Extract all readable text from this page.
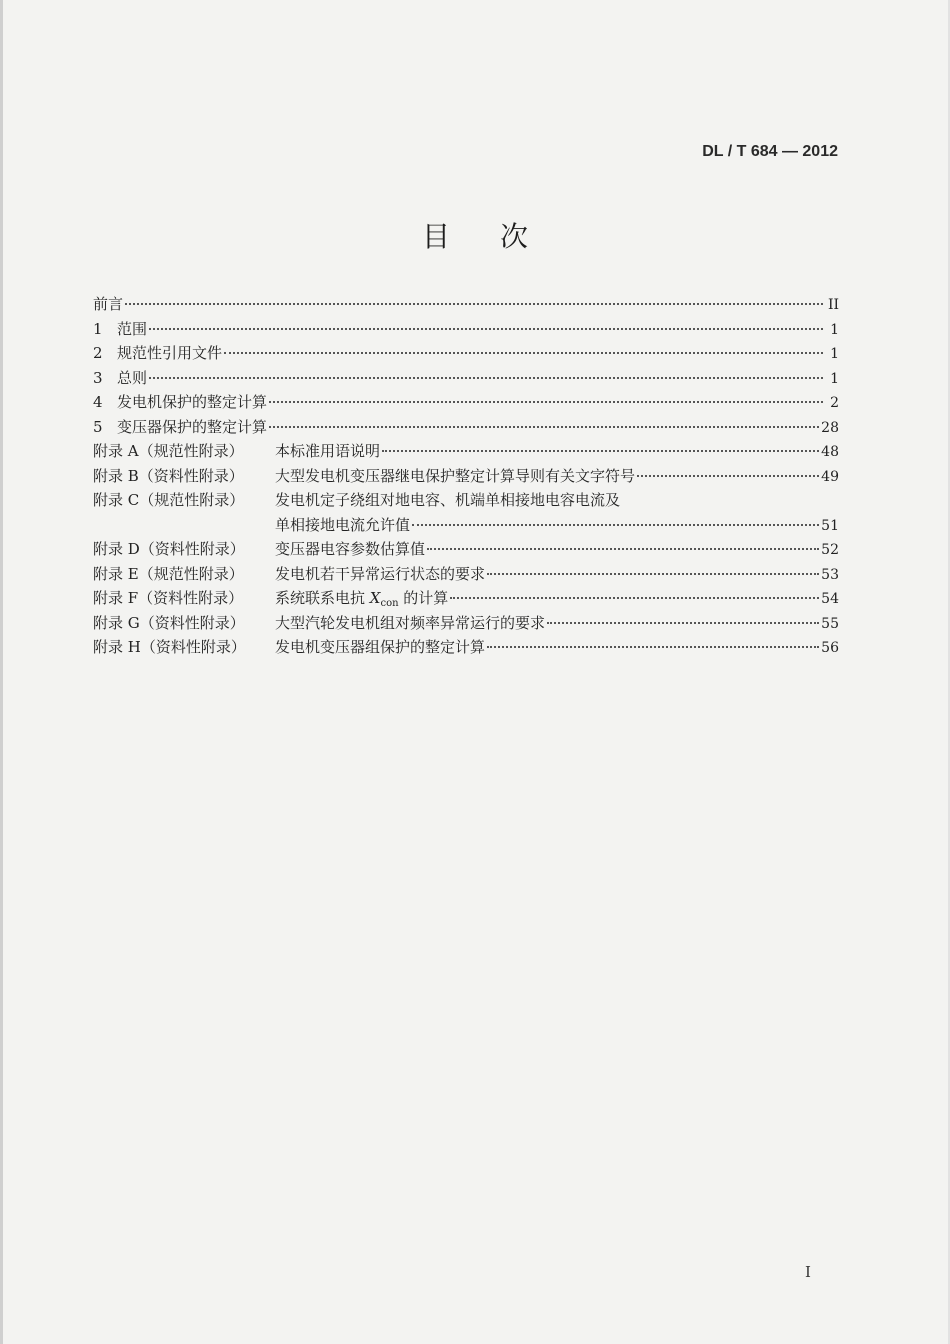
DL / T 684 — 2012
目 次
前言	II
1 范围	1
2 规范性引用文件	1
3 总则	1
4 发电机保护的整定计算	2
5 变压器保护的整定计算	28
附录 A（规范性附录）	本标准用语说明	48
附录 B（资料性附录）	大型发电机变压器继电保护整定计算导则有关文字符号	49
附录 C（规范性附录）	发电机定子绕组对地电容、机端单相接地电容电流及
单相接地电流允许值	51
附录 D（资料性附录）	变压器电容参数估算值	52
附录 E（规范性附录）	发电机若干异常运行状态的要求	53
附录 F（资料性附录）	系统联系电抗 $X_{con}$ 的计算	54
附录 G（资料性附录）	大型汽轮发电机组对频率异常运行的要求	55
附录 H（资料性附录）	发电机变压器组保护的整定计算	56
I
